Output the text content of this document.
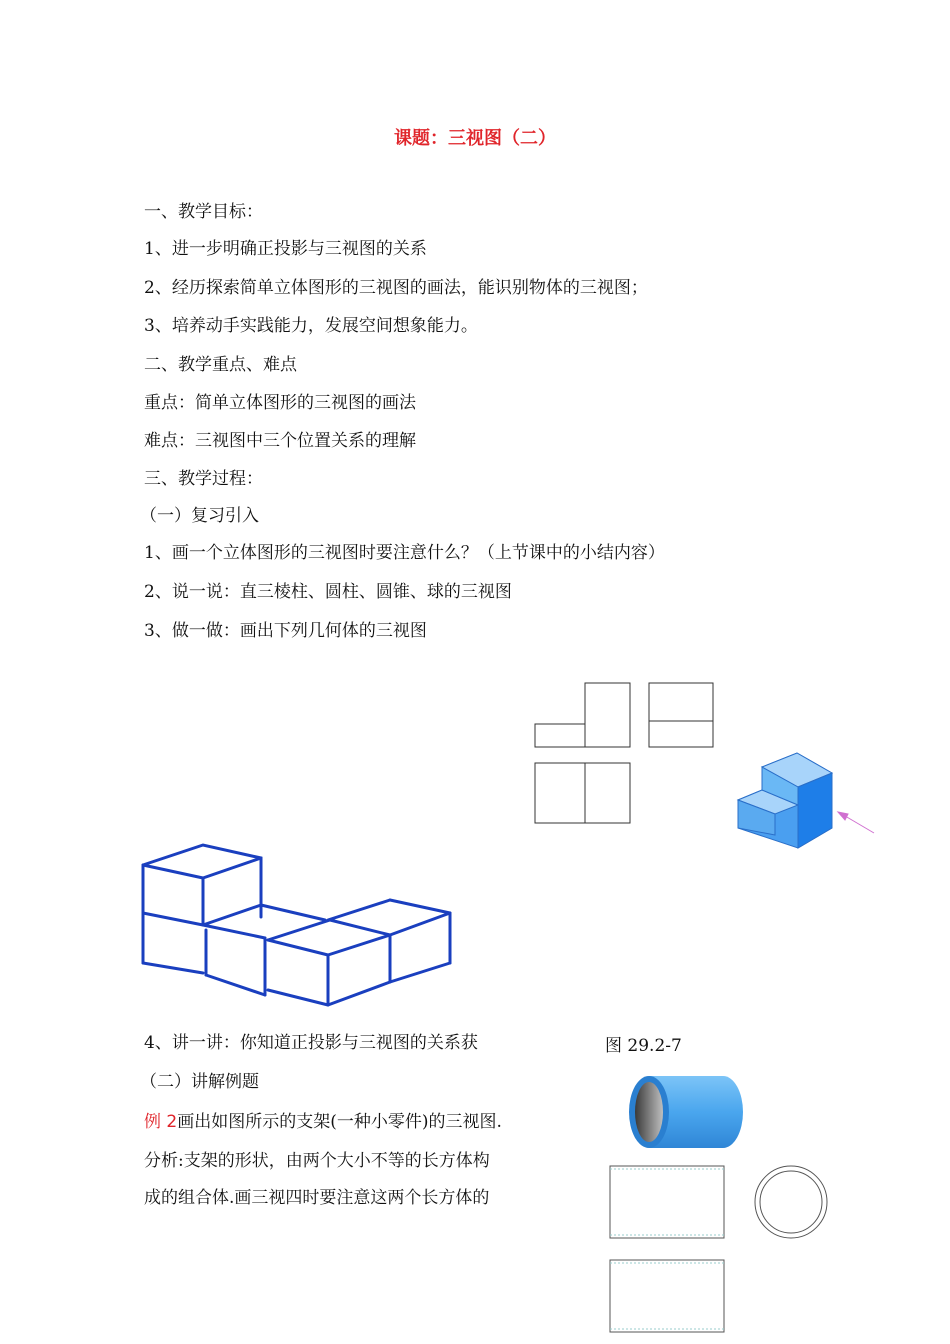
课题：三视图（二）
一、教学目标：
1、进一步明确正投影与三视图的关系
2、经历探索简单立体图形的三视图的画法，能识别物体的三视图；
3、培养动手实践能力，发展空间想象能力。
二、教学重点、难点
重点：简单立体图形的三视图的画法
难点：三视图中三个位置关系的理解
三、教学过程：
（一）复习引入
1、画一个立体图形的三视图时要注意什么？（上节课中的小结内容）
2、说一说：直三棱柱、圆柱、圆锥、球的三视图
3、做一做：画出下列几何体的三视图
4、讲一讲：你知道正投影与三视图的关系获	图 29.2-7
（二）讲解例题
例 2画出如图所示的支架(一种小零件)的三视图.
分析:支架的形状，由两个大小不等的长方体构
成的组合体.画三视四时要注意这两个长方体的
